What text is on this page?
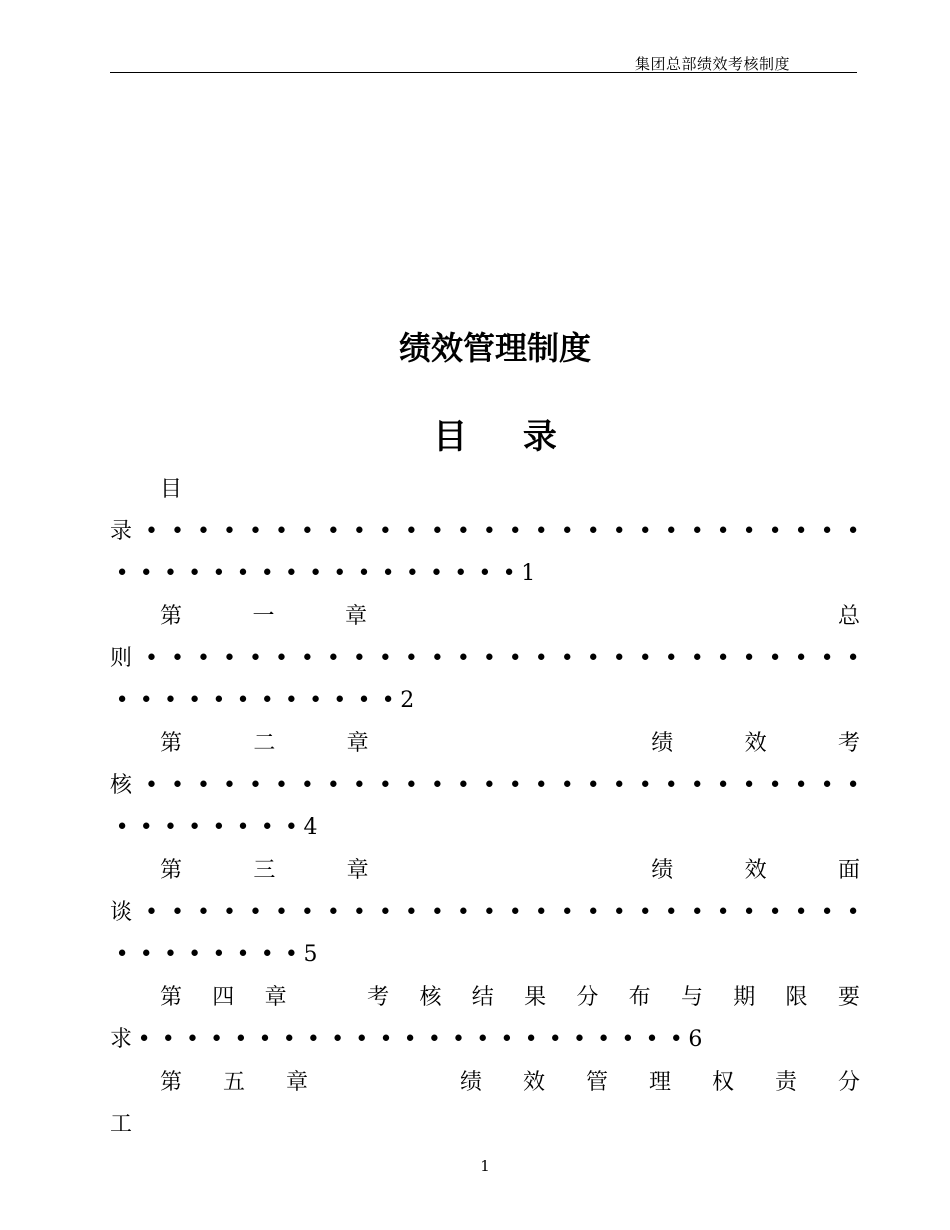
集团总部绩效考核制度
绩效管理制度
目 录
目
录 • • • • • • • • • • • • • • • • • • • • • • • • • • • •
• • • • • • • • • • • • • • • • • 1
第	一	章	总
则 • • • • • • • • • • • • • • • • • • • • • • • • • • • •
• • • • • • • • • • • • 2
第	二	章	绩	效	考
核 • • • • • • • • • • • • • • • • • • • • • • • • • • • •
• • • • • • • • 4
第	三	章	绩	效	面
谈 • • • • • • • • • • • • • • • • • • • • • • • • • • • •
• • • • • • • • 5
第 四 章	考 核 结 果 分 布 与 期 限 要
求 • • • • • • • • • • • • • • • • • • • • • • • 6
第 五 章	绩 效 管 理 权 责 分
工
1
